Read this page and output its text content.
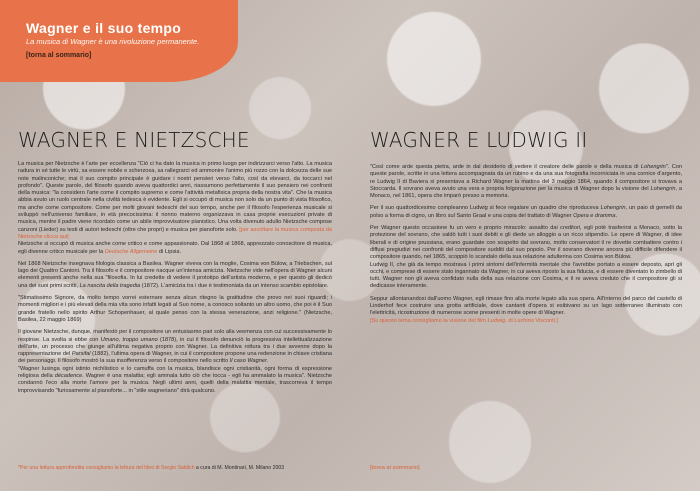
Wagner e il suo tempo
La musica di Wagner è una rivoluzione permanente.
[torna al sommario]
WAGNER E NIETZSCHE

La musica per Nietzsche è l'arte per eccellenza "Ciò ci ha dato la musica in primo luogo per indirizzarci verso l'alto. La musica radura in sé tutte le virtù, sa essere nobile e scherzosa, sa rallegrarci ed ammonire l'animo più rozzo con la dolcezza delle sue note malinconiche; mai il suo compito principale è guidare i nostri pensieri verso l'alto, così da elevarci, da toccarci nel profondo". Queste parole, del filosofo quando aveva quattordici anni, riassumono perfettamente il suo pensiero nei confronti della musica: "la considero l'arte come il compito supremo e come l'attività metafisica propria della nostra vita". Che la musica abbia avuto un ruolo centrale nella civiltà tedesca è evidente. Egli si occupò di musica non solo da un punto di vista filosofico, ma anche come compositore. Come per molti giovani tedeschi del suo tempo, anche per il filosofo l'esperienza musicale si sviluppò nell'universo familiare, in età precocissima: il nonno materno organizzava in casa proprie esecuzioni private di musica, mentre il padre viene ricordato come un abile improvvisatore pianistico. Una volta divenuto adulto Nietzsche compose canzoni (Lieder) su testi di autori tedeschi (oltre che propri) e musica per pianoforte solo. [per ascoltare la musica composta da Nietzsche clicca qui]
Nietzsche si occupò di musica anche come critico e come appassionato. Dal 1868 al 1868, apprezzato conoscitore di musica, egli divenne critico musicale per la Deutsche Allgemeine di Lipsia.

Nel 1868 Nietzsche insegnava filologia classica a Basilea. Wagner viveva con la moglie, Cosima von Bülow, a Triebschen, sul lago dei Quattro Cantoni. Tra il filosofo e il compositore nacque un'intensa amicizia. Nietzsche vide nell'opera di Wagner alcuni elementi presenti anche nella sua "filosofia. In lui credette di vedere il prototipo dell'artista moderno, e per questo gli dedicò una dei suoi primi scritti, La nascita della tragedia (1872). L'amicizia tra i due è testimoniata da un intenso scambio epistolare.

"Stimatissimo Signore, da molto tempo vorrei esternare senza alcun ritegno la gratitudine che provo nei suoi riguardi; i momenti migliori e i più elevati della mia vita sono infatti legati al Suo nome, a conosco soltanto un altro uomo, che poi è il Suo grande fratello nello spirito Arthur Schopenhauer, al quale penso con la stessa venerazione, anzi religione." (Nietzsche, Basilea, 22 maggio 1869)

Il giovane Nietzsche, dunque, manifestò per il compositore un entusiasmo pari solo alla veemenza con cui successivamente lo respinse. La svolta si ebbe con Umano, troppo umano (1878), in cui il filosofo denunciò la progressiva intellettualizzazione dell'arte, un processo che giunge all'ultima negativa proprio con Wagner. La definitiva rottura tra i due avvenne dopo la rappresentazione del Parsifal (1882), l'ultima opera di Wagner, in cui il compositore propone una redenzione in chiave cristiana dei personaggi. Il filosofo mostrò la sua insofferenza verso il compositore nello scritto Il caso Wagner.
"Wagner lusinga ogni istinto nichilistico e lo camuffa con la musica, blandisce ogni cristianità, ogni forma di espressione religiosa della décadence. Wagner è una malattia; egli ammala tutto ciò che tocca - egli ha ammalato la musica". Nietzsche condannò l'eco alla morte l'amore per la musica. Negli ultimi anni, quelli della malattia mentale, trascorreva il tempo improvvisando "furiosamente al pianoforte... in "stile wagneriano" dirà qualcuno.

WAGNER E LUDWIG II

"Così come arde questa pietra, arde in dal desiderio di vedere il creatore delle parole e della musica di Lohengrin". Con queste parole, scritte in una lettera accompagnata da un rubino e da una sua fotografia incorniciata in una cornice d'argento, re Ludwig II di Baviera si presentava a Richard Wagner la mattina del 3 maggio 1864, quando il compositore si trovava a Stoccarda. Il sovrano aveva avuto una vera e propria folgorazione per la musica di Wagner dopo la visione del Lohengrin, a Monaco, nel 1861, opera che imparò presso a memoria.

Per il suo quattordicesimo compleanno Ludwig si fece regalare un quadro che riproduceva Lohengrin, un paio di gemelli da polso a forma di cigno, un libro sul Santo Graal e una copia del trattato di Wagner Opera e dramma.

Per Wagner questo occasione fu un vero e proprio miracolo: assalito dai creditori, egli potè trasferirsi a Monaco, sotto la protezione del sovrano, che saldò tutti i suoi debiti e gli diede un alloggio a un ricco stipendio. Le opere di Wagner, di idee liberali e di origine prussiana, erano guardate con sospetto dal sovrano, molto conservatori il re dovette combattere contro i diffusi pregiudizi nei confronti del compositore sudditi dal suo popolo. Per il sovrano divenne ancora più difficile difendere il compositore quando, nel 1865, scoppiò lo scandalo della sua relazione adulterina con Cosima von Bülow.
Ludwig II, che già da tempo mostrava i primi sintomi dell'infermità mentale che l'avrebbe portato a essere deposto, aprì gli occhi, e comprese di essere stato ingannato da Wagner, in cui aveva riposto la sua fiducia, e di essere diventato lo zimbello di tutti. Wagner non gli aveva confidato nulla della sua relazione con Cosima, e il re aveva creduto che il compositore gli si dedicasse interamente.

Seppur allontanandosi dall'uomo Wagner, egli rimase fino alla morte legato alla sua opera. All'interno del parco del castello di Linderhof fece costruire una grotta artificiale, dove cantanti d'opera si esibivano su un lago sotterraneo illuminato con l'elettricità, ricostruzione di numerose scene presenti in molte opere di Wagner.
[Su questo tema consigliamo la visione del film Ludwig, di Luchino Visconti.]

*Per una lettura approfondita consigliamo la lettura del libro di Sergio Sablich a cura di M. Montinari, M. Milano 2003	[torna al sommario]
